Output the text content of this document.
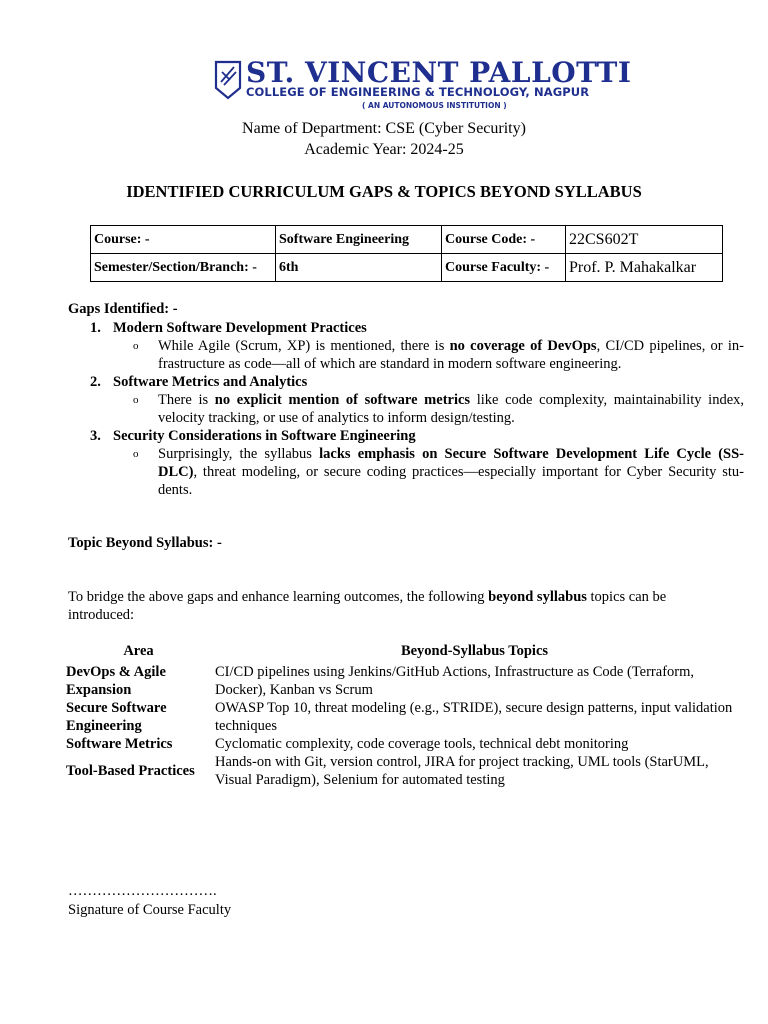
ST. VINCENT PALLOTTI
COLLEGE OF ENGINEERING & TECHNOLOGY, NAGPUR
( AN AUTONOMOUS INSTITUTION )
Name of Department: CSE (Cyber Security)
Academic Year: 2024-25
IDENTIFIED CURRICULUM GAPS & TOPICS BEYOND SYLLABUS
Course: -	Software Engineering	Course Code: -	22CS602T
Semester/Section/Branch: -	6th	Course Faculty: -	Prof. P. Mahakalkar
Gaps Identified: -
1. Modern Software Development Practices
o While Agile (Scrum, XP) is mentioned, there is no coverage of DevOps, CI/CD pipelines, or infrastructure as code—all of which are standard in modern software engineering.
2. Software Metrics and Analytics
o There is no explicit mention of software metrics like code complexity, maintainability index, velocity tracking, or use of analytics to inform design/testing.
3. Security Considerations in Software Engineering
o Surprisingly, the syllabus lacks emphasis on Secure Software Development Life Cycle (SS-DLC), threat modeling, or secure coding practices—especially important for Cyber Security students.
Topic Beyond Syllabus: -
To bridge the above gaps and enhance learning outcomes, the following beyond syllabus topics can be introduced:
Area	Beyond-Syllabus Topics
DevOps & Agile Expansion	CI/CD pipelines using Jenkins/GitHub Actions, Infrastructure as Code (Terraform, Docker), Kanban vs Scrum
Secure Software Engineering	OWASP Top 10, threat modeling (e.g., STRIDE), secure design patterns, input validation techniques
Software Metrics	Cyclomatic complexity, code coverage tools, technical debt monitoring
Tool-Based Practices	Hands-on with Git, version control, JIRA for project tracking, UML tools (StarUML, Visual Paradigm), Selenium for automated testing
………………………….
Signature of Course Faculty
